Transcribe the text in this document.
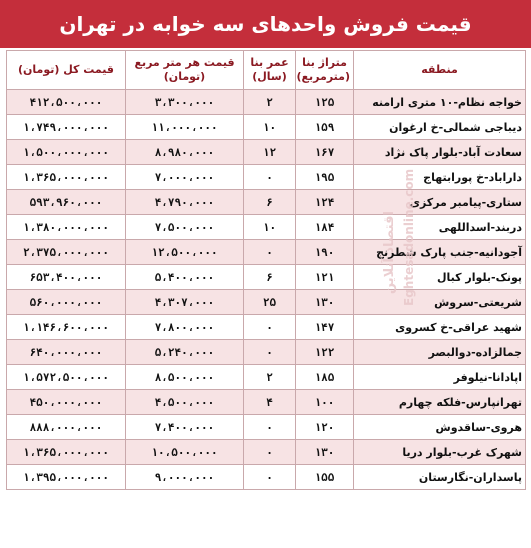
قیمت فروش واحدهای سه خوابه در تهران
منطقه	متراژ بنا (مترمربع)	عمر بنا (سال)	قیمت هر متر مربع (تومان)	قیمت کل (تومان)
خواجه نظام-۱۰ متری ارامنه	۱۲۵	۲	۳،۳۰۰،۰۰۰	۴۱۲،۵۰۰،۰۰۰
دیباجی شمالی-خ ارغوان	۱۵۹	۱۰	۱۱،۰۰۰،۰۰۰	۱،۷۴۹،۰۰۰،۰۰۰
سعادت آباد-بلوار پاک نژاد	۱۶۷	۱۲	۸،۹۸۰،۰۰۰	۱،۵۰۰،۰۰۰،۰۰۰
داراباد-خ پورابتهاج	۱۹۵	۰	۷،۰۰۰،۰۰۰	۱،۳۶۵،۰۰۰،۰۰۰
ستاری-پیامبر مرکزی	۱۲۴	۶	۴،۷۹۰،۰۰۰	۵۹۳،۹۶۰،۰۰۰
دربند-اسداللهی	۱۸۴	۱۰	۷،۵۰۰،۰۰۰	۱،۳۸۰،۰۰۰،۰۰۰
آجودانیه-جنب پارک شطرنج	۱۹۰	۰	۱۲،۵۰۰،۰۰۰	۲،۳۷۵،۰۰۰،۰۰۰
پونک-بلوار کبال	۱۲۱	۶	۵،۴۰۰،۰۰۰	۶۵۳،۴۰۰،۰۰۰
شریعتی-سروش	۱۳۰	۲۵	۴،۳۰۷،۰۰۰	۵۶۰،۰۰۰،۰۰۰
شهید عراقی-خ کسروی	۱۴۷	۰	۷،۸۰۰،۰۰۰	۱،۱۴۶،۶۰۰،۰۰۰
جمالزاده-دوالبصر	۱۲۲	۰	۵،۲۴۰،۰۰۰	۶۴۰،۰۰۰،۰۰۰
اپادانا-نیلوفر	۱۸۵	۲	۸،۵۰۰،۰۰۰	۱،۵۷۲،۵۰۰،۰۰۰
تهرانپارس-فلکه چهارم	۱۰۰	۴	۴،۵۰۰،۰۰۰	۴۵۰،۰۰۰،۰۰۰
هروی-ساقدوش	۱۲۰	۰	۷،۴۰۰،۰۰۰	۸۸۸،۰۰۰،۰۰۰
شهرک غرب-بلوار دریا	۱۳۰	۰	۱۰،۵۰۰،۰۰۰	۱،۳۶۵،۰۰۰،۰۰۰
پاسداران-نگارستان	۱۵۵	۰	۹،۰۰۰،۰۰۰	۱،۳۹۵،۰۰۰،۰۰۰
اقتصاد آنلاین Eghtesadonline.com
